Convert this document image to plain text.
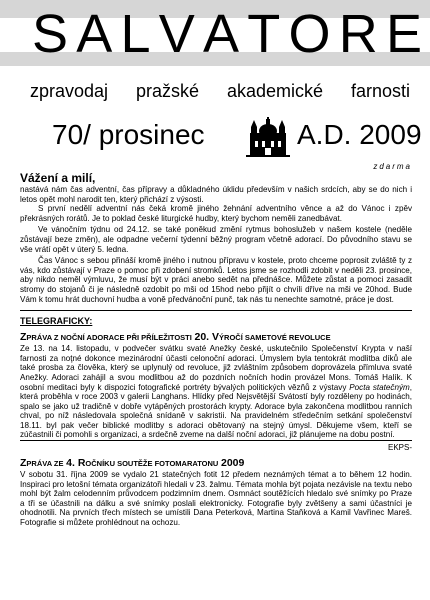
S A L V A T O R E
zpravodaj pražské akademické farnosti
70/ prosinec	A.D. 2009
zdarma
Vážení a milí,

nastává nám čas adventní, čas přípravy a důkladného úklidu především v našich srdcích, aby se do nich i letos opět mohl narodit ten, který přichází z výsosti.

S první nedělí adventní nás čeká kromě jiného žehnání adventního věnce a až do Vánoc i zpěv překrásných rorátů. Je to poklad české liturgické hudby, který bychom neměli zanedbávat.

Ve vánočním týdnu od 24.12. se také poněkud změní rytmus bohoslužeb v našem kostele (neděle zůstávají beze změn), ale odpadne večerní týdenní běžný program včetně adorací. Do původního stavu se vše vrátí opět v úterý 5. ledna.

Čas Vánoc s sebou přináší kromě jiného i nutnou přípravu v kostele, proto chceme poprosit zvláště ty z vás, kdo zůstávají v Praze o pomoc při zdobení stromků. Letos jsme se rozhodli zdobit v neděli 23. prosince, aby nikdo neměl výmluvu, že musí být v práci anebo sedět na přednášce. Můžete zůstat a pomoci zasadit stromy do stojanů či je následně ozdobit po mši od 15hod nebo přijít o chvíli dříve na mši ve 20hod. Bude Vám k tomu hrát duchovní hudba a voně předvánoční punč, tak nás tu nenechte samotné, práce je dost.

TELEGRAFICKY:
ZPRÁVA Z NOČNÍ ADORACE PŘI PŘÍLEŽITOSTI 20. VÝROČÍ SAMETOVÉ REVOLUCE

Ze 13. na 14. listopadu, v podvečer svátku svaté Anežky české, uskutečnilo Společenství Krypta v naší farnosti za noţné dokonce mezinárodní účasti celonoční adoraci. Úmyslem byla tentokrát modlitba díků ale také prosba za člověka, který se uplynulý od revoluce, již zvláštním způsobem doprovázela přímluva svaté Anežky. Adoraci zahájil a svou modlitbou až do pozdních nočních hodin provázel Mons. Tomáš Halík. K osobní meditaci byly k dispozici fotografické portréty bývalých politických vězňů z výstavy Pocta statečným, která proběhla v roce 2003 v galerii Langhans. Hlídky před Nejsvětější Svátostí byly rozděleny po hodinách, spalo se jako už tradičně v dobře vytápěných prostorách krypty. Adorace byla zakončena modlitbou ranních chval, po níž následovala společná snídaně v sakristii. Na pravidelném středečním setkání společenství 18.11. byl pak večer biblické modlitby s adoraci obětovaný na stejný úmysl. Děkujeme všem, kteří se zúčastnili či pomohli s organizaci, a srdečně zveme na další noční adoraci, již plánujeme na dobu postní.

EKPS-
ZPRÁVA ZE 4. ROČNÍKU SOUTĚŽE FOTOMARATONU 2009

V sobotu 31. října 2009 se vydalo 21 statečných fotit 12 předem neznámých témat a to během 12 hodin. Inspiraci pro letošní témata organizátoři hledali v 23. žalmu. Témata mohla být pojata nezávisle na textu nebo mohl být žalm celodenním průvodcem podzimním dnem. Osmnáct soutěžících hledalo své snímky po Praze a tři se účastnili na dálku a své snímky poslali elektronicky. Fotografie byly zvětšeny a sami účastníci je ohodnotili. Na prvních třech místech se umístili Dana Peterková, Martina Staňková a Kamil Vavřinec Mareš. Fotografie si můžete prohlédnout na ochozu.
